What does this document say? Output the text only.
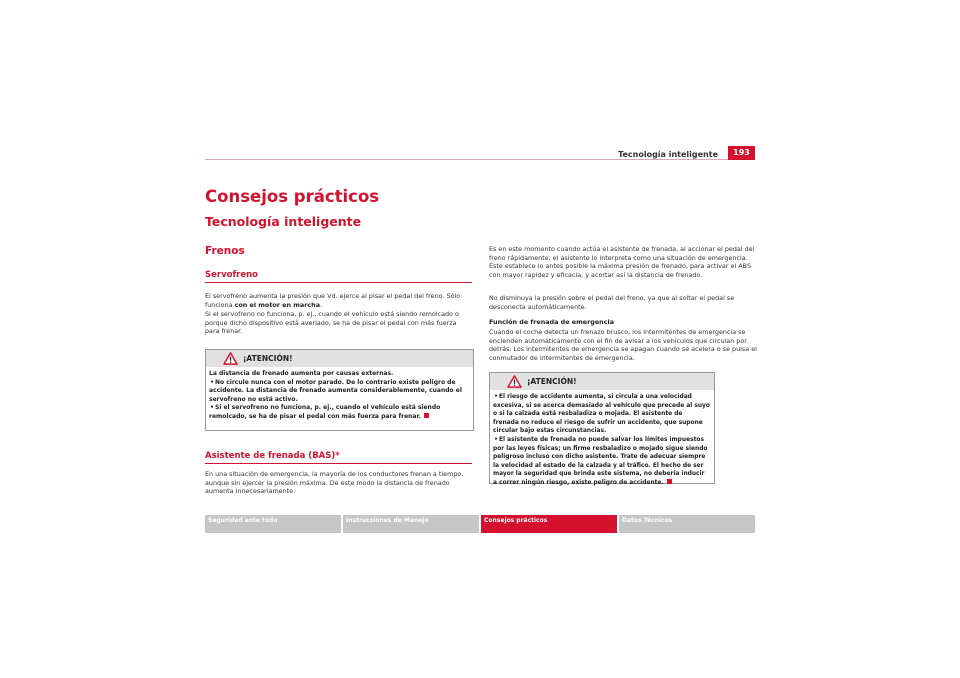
Tecnología inteligente	193
Consejos prácticos
Tecnología inteligente
Frenos
Servofreno
El servofreno aumenta la presión que Vd. ejerce al pisar el pedal del freno. Sólo funciona con el motor en marcha.

Si el servofreno no funciona, p. ej., cuando el vehículo está siendo remolcado o porque dicho dispositivo está averiado, se ha de pisar el pedal con más fuerza para frenar.

¡ATENCIÓN!

La distancia de frenado aumenta por causas externas.

•No circule nunca con el motor parado. De lo contrario existe peligro de accidente. La distancia de frenado aumenta considerablemente, cuando el servofreno no está activo.

•Si el servofreno no funciona, p. ej., cuando el vehículo está siendo remolcado, se ha de pisar el pedal con más fuerza para frenar.

Asistente de frenada (BAS)*

En una situación de emergencia, la mayoría de los conductores frenan a tiempo, aunque sin ejercer la presión máxima. De este modo la distancia de frenado aumenta innecesariamente.

Es en este momento cuando actúa el asistente de frenada, al accionar el pedal del freno rápidamente, el asistente lo interpreta como una situación de emergencia. Éste establece lo antes posible la máxima presión de frenado, para activar el ABS con mayor rapidez y eficacia, y acortar así la distancia de frenado.

No disminuya la presión sobre el pedal del freno, ya que al soltar el pedal se desconecta automáticamente.

Función de frenada de emergencia

Cuando el coche detecta un frenazo brusco, los intermitentes de emergencia se encienden automáticamente con el fin de avisar a los vehículos que circulan por detrás. Los intermitentes de emergencia se apagan cuando se acelera o se pulsa el conmutador de intermitentes de emergencia.

¡ATENCIÓN!

•El riesgo de accidente aumenta, si circula a una velocidad excesiva, si se acerca demasiado al vehículo que precede al suyo o si la calzada está resbaladiza o mojada. El asistente de frenada no reduce el riesgo de sufrir un accidente, que supone circular bajo estas circunstancias.

•El asistente de frenada no puede salvar los límites impuestos por las leyes físicas; un firme resbaladizo o mojado sigue siendo peligroso incluso con dicho asistente. Trate de adecuar siempre la velocidad al estado de la calzada y al tráfico. El hecho de ser mayor la seguridad que brinda este sistema, no debería inducir a correr ningún riesgo, existe peligro de accidente.

Seguridad ante todo	Instrucciones de Manejo	Consejos prácticos	Datos Técnicos
